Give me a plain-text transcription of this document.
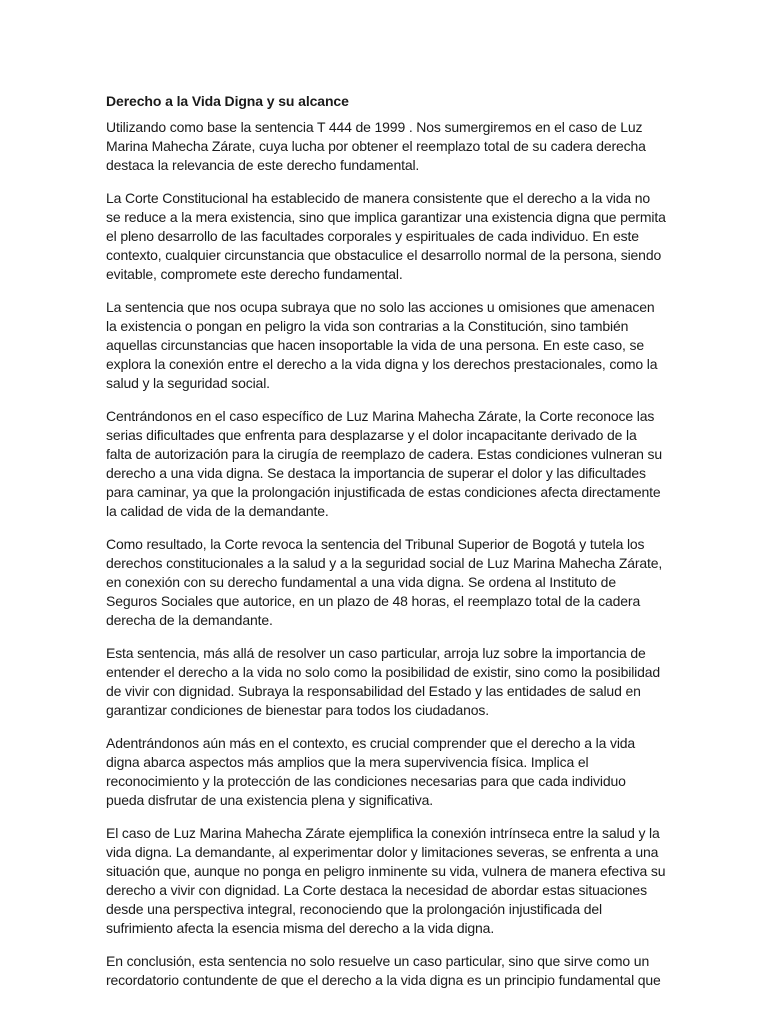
Derecho a la Vida Digna y su alcance

Utilizando como base la sentencia T 444 de 1999 . Nos sumergiremos en el caso de Luz Marina Mahecha Zárate, cuya lucha por obtener el reemplazo total de su cadera derecha destaca la relevancia de este derecho fundamental.

La Corte Constitucional ha establecido de manera consistente que el derecho a la vida no se reduce a la mera existencia, sino que implica garantizar una existencia digna que permita el pleno desarrollo de las facultades corporales y espirituales de cada individuo. En este contexto, cualquier circunstancia que obstaculice el desarrollo normal de la persona, siendo evitable, compromete este derecho fundamental.

La sentencia que nos ocupa subraya que no solo las acciones u omisiones que amenacen la existencia o pongan en peligro la vida son contrarias a la Constitución, sino también aquellas circunstancias que hacen insoportable la vida de una persona. En este caso, se explora la conexión entre el derecho a la vida digna y los derechos prestacionales, como la salud y la seguridad social.

Centrándonos en el caso específico de Luz Marina Mahecha Zárate, la Corte reconoce las serias dificultades que enfrenta para desplazarse y el dolor incapacitante derivado de la falta de autorización para la cirugía de reemplazo de cadera. Estas condiciones vulneran su derecho a una vida digna. Se destaca la importancia de superar el dolor y las dificultades para caminar, ya que la prolongación injustificada de estas condiciones afecta directamente la calidad de vida de la demandante.

Como resultado, la Corte revoca la sentencia del Tribunal Superior de Bogotá y tutela los derechos constitucionales a la salud y a la seguridad social de Luz Marina Mahecha Zárate, en conexión con su derecho fundamental a una vida digna. Se ordena al Instituto de Seguros Sociales que autorice, en un plazo de 48 horas, el reemplazo total de la cadera derecha de la demandante.

Esta sentencia, más allá de resolver un caso particular, arroja luz sobre la importancia de entender el derecho a la vida no solo como la posibilidad de existir, sino como la posibilidad de vivir con dignidad. Subraya la responsabilidad del Estado y las entidades de salud en garantizar condiciones de bienestar para todos los ciudadanos.

Adentrándonos aún más en el contexto, es crucial comprender que el derecho a la vida digna abarca aspectos más amplios que la mera supervivencia física. Implica el reconocimiento y la protección de las condiciones necesarias para que cada individuo pueda disfrutar de una existencia plena y significativa.

El caso de Luz Marina Mahecha Zárate ejemplifica la conexión intrínseca entre la salud y la vida digna. La demandante, al experimentar dolor y limitaciones severas, se enfrenta a una situación que, aunque no ponga en peligro inminente su vida, vulnera de manera efectiva su derecho a vivir con dignidad. La Corte destaca la necesidad de abordar estas situaciones desde una perspectiva integral, reconociendo que la prolongación injustificada del sufrimiento afecta la esencia misma del derecho a la vida digna.

En conclusión, esta sentencia no solo resuelve un caso particular, sino que sirve como un recordatorio contundente de que el derecho a la vida digna es un principio fundamental que
